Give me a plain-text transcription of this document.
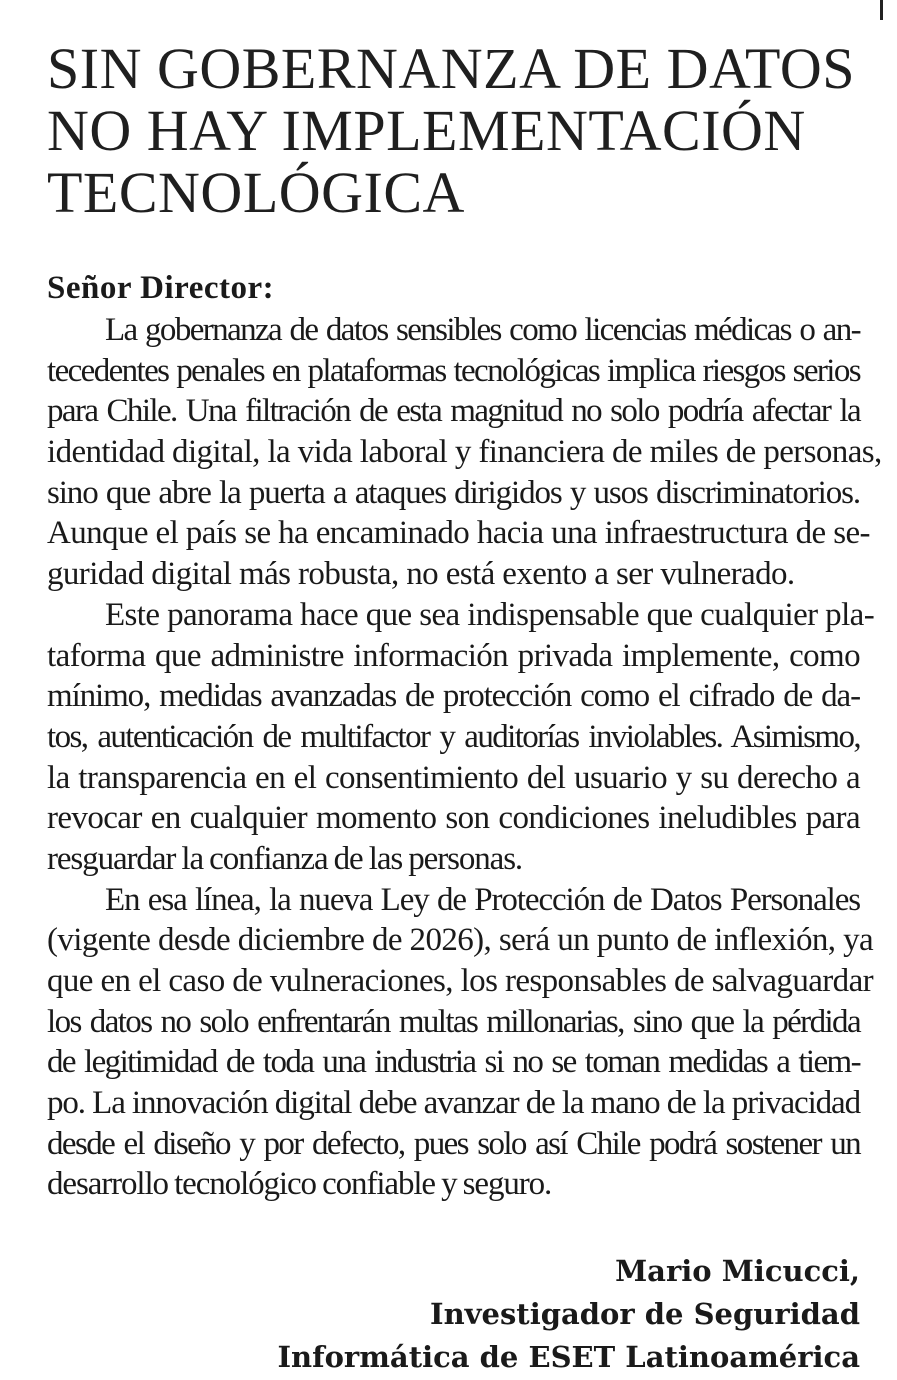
SIN GOBERNANZA DE DATOS
NO HAY IMPLEMENTACIÓN
TECNOLÓGICA

Señor Director:

La gobernanza de datos sensibles como licencias médicas o an-
tecedentes penales en plataformas tecnológicas implica riesgos serios
para Chile. Una filtración de esta magnitud no solo podría afectar la
identidad digital, la vida laboral y financiera de miles de personas,
sino que abre la puerta a ataques dirigidos y usos discriminatorios.
Aunque el país se ha encaminado hacia una infraestructura de se-
guridad digital más robusta, no está exento a ser vulnerado.
Este panorama hace que sea indispensable que cualquier pla-
taforma que administre información privada implemente, como
mínimo, medidas avanzadas de protección como el cifrado de da-
tos, autenticación de multifactor y auditorías inviolables. Asimismo,
la transparencia en el consentimiento del usuario y su derecho a
revocar en cualquier momento son condiciones ineludibles para
resguardar la confianza de las personas.
En esa línea, la nueva Ley de Protección de Datos Personales
(vigente desde diciembre de 2026), será un punto de inflexión, ya
que en el caso de vulneraciones, los responsables de salvaguardar
los datos no solo enfrentarán multas millonarias, sino que la pérdida
de legitimidad de toda una industria si no se toman medidas a tiem-
po. La innovación digital debe avanzar de la mano de la privacidad
desde el diseño y por defecto, pues solo así Chile podrá sostener un
desarrollo tecnológico confiable y seguro.
Mario Micucci,
Investigador de Seguridad
Informática de ESET Latinoamérica
